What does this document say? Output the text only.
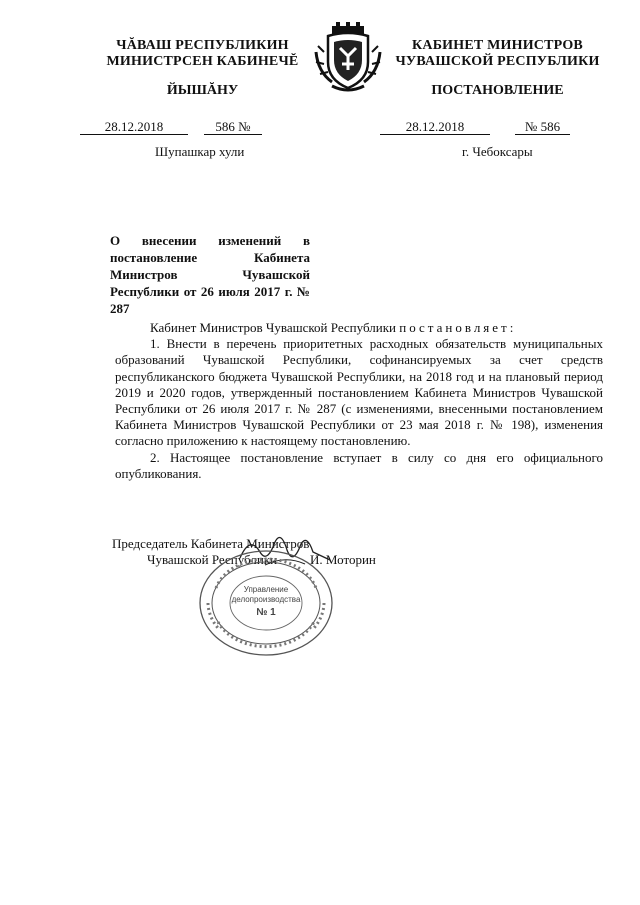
ЧĂВАШ РЕСПУБЛИКИН
МИНИСТРСЕН КАБИНЕЧĔ
ЙЫШĂНУ
КАБИНЕТ МИНИСТРОВ
ЧУВАШСКОЙ РЕСПУБЛИКИ
ПОСТАНОВЛЕНИЕ
28.12.2018	586 №
Шупашкар хули
28.12.2018	№ 586
г. Чебоксары
О внесении изменений в постановление Кабинета Министров Чувашской Республики от 26 июля 2017 г. № 287

Кабинет Министров Чувашской Республики постановляет:

1. Внести в перечень приоритетных расходных обязательств муниципальных образований Чувашской Республики, софинансируемых за счет средств республиканского бюджета Чувашской Республики, на 2018 год и на плановый период 2019 и 2020 годов, утвержденный постановлением Кабинета Министров Чувашской Республики от 26 июля 2017 г. № 287 (с изменениями, внесенными постановлением Кабинета Министров Чувашской Республики от 23 мая 2018 г. № 198), изменения согласно приложению к настоящему постановлению.

2. Настоящее постановление вступает в силу со дня его официального опубликования.

Председатель Кабинета Министров
Чувашской Республики	И. Моторин
Управление
делопроизводства
№ 1
